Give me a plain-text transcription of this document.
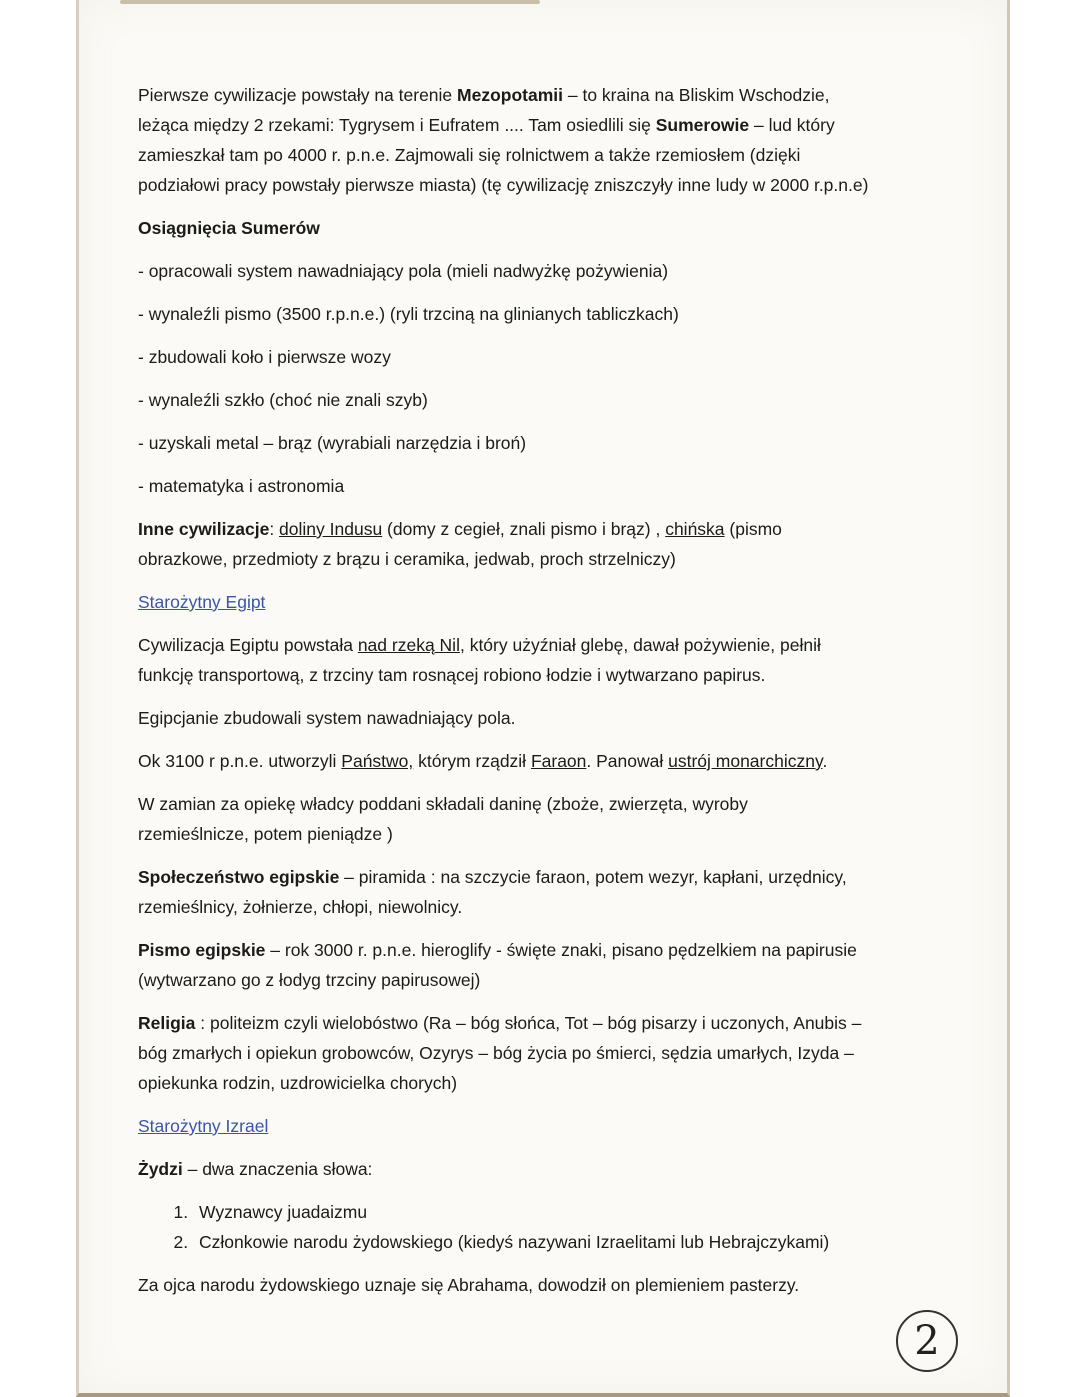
Pierwsze cywilizacje powstały na terenie Mezopotamii – to kraina na Bliskim Wschodzie,
leżąca między 2 rzekami: Tygrysem i Eufratem .... Tam osiedlili się Sumerowie – lud który
zamieszkał tam po 4000 r. p.n.e. Zajmowali się rolnictwem a także rzemiosłem (dzięki
podziałowi pracy powstały pierwsze miasta) (tę cywilizację zniszczyły inne ludy w 2000 r.p.n.e)

Osiągnięcia Sumerów

- opracowali system nawadniający pola (mieli nadwyżkę pożywienia)

- wynaleźli pismo (3500 r.p.n.e.) (ryli trzciną na glinianych tabliczkach)

- zbudowali koło i pierwsze wozy

- wynaleźli szkło (choć nie znali szyb)

- uzyskali metal – brąz (wyrabiali narzędzia i broń)

- matematyka i astronomia

Inne cywilizacje: doliny Indusu (domy z cegieł, znali pismo i brąz) , chińska (pismo
obrazkowe, przedmioty z brązu i ceramika, jedwab, proch strzelniczy)

Starożytny Egipt

Cywilizacja Egiptu powstała nad rzeką Nil, który użyźniał glebę, dawał pożywienie, pełnił
funkcję transportową, z trzciny tam rosnącej robiono łodzie i wytwarzano papirus.

Egipcjanie zbudowali system nawadniający pola.

Ok 3100 r p.n.e. utworzyli Państwo, którym rządził Faraon. Panował ustrój monarchiczny.

W zamian za opiekę władcy poddani składali daninę (zboże, zwierzęta, wyroby
rzemieślnicze, potem pieniądze )

Społeczeństwo egipskie – piramida : na szczycie faraon, potem wezyr, kapłani, urzędnicy,
rzemieślnicy, żołnierze, chłopi, niewolnicy.

Pismo egipskie – rok 3000 r. p.n.e. hieroglify - święte znaki, pisano pędzelkiem na papirusie
(wytwarzano go z łodyg trzciny papirusowej)

Religia : politeizm czyli wielobóstwo (Ra – bóg słońca, Tot – bóg pisarzy i uczonych, Anubis –
bóg zmarłych i opiekun grobowców, Ozyrys – bóg życia po śmierci, sędzia umarłych, Izyda –
opiekunka rodzin, uzdrowicielka chorych)

Starożytny Izrael

Żydzi – dwa znaczenia słowa:

1. Wyznawcy juadaizmu
2. Członkowie narodu żydowskiego (kiedyś nazywani Izraelitami lub Hebrajczykami)

Za ojca narodu żydowskiego uznaje się Abrahama, dowodził on plemieniem pasterzy.

2
